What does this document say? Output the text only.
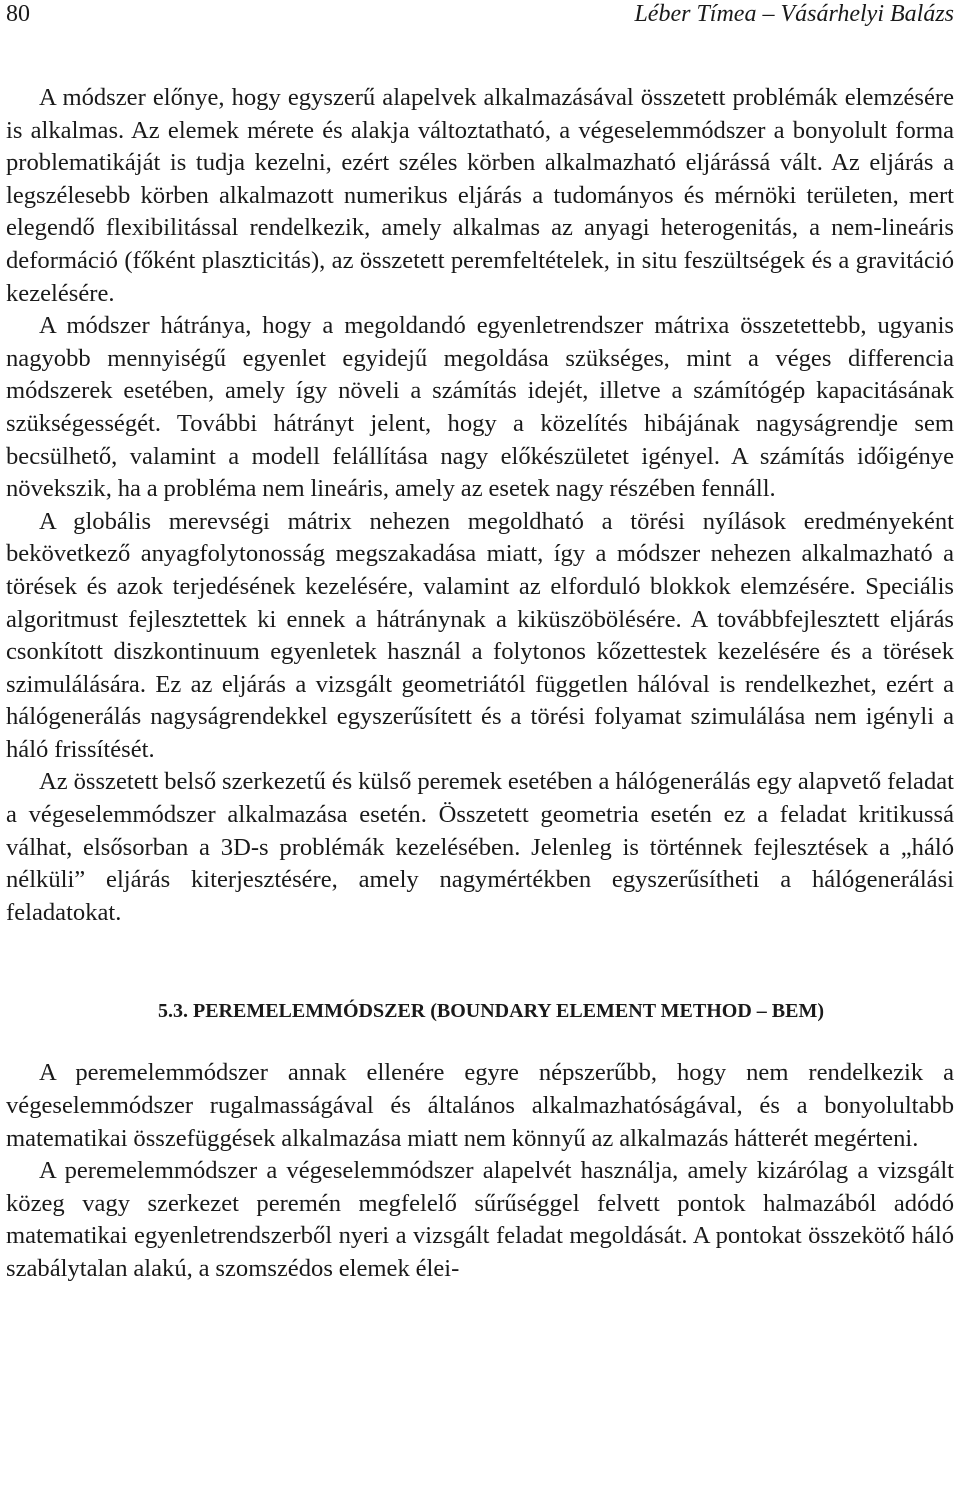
80	Léber Tímea – Vásárhelyi Balázs

A módszer előnye, hogy egyszerű alapelvek alkalmazásával összetett problémák elemzésére is alkalmas. Az elemek mérete és alakja változtatható, a végeselemmódszer a bonyolult forma problematikáját is tudja kezelni, ezért széles körben alkalmazható eljárássá vált. Az eljárás a legszélesebb körben alkalmazott numerikus eljárás a tudományos és mérnöki területen, mert elegendő flexibilitással rendelkezik, amely alkalmas az anyagi heterogenitás, a nem-lineáris deformáció (főként plaszticitás), az összetett peremfeltételek, in situ feszültségek és a gravitáció kezelésére.

A módszer hátránya, hogy a megoldandó egyenletrendszer mátrixa összetettebb, ugyanis nagyobb mennyiségű egyenlet egyidejű megoldása szükséges, mint a véges differencia módszerek esetében, amely így növeli a számítás idejét, illetve a számítógép kapacitásának szükségességét. További hátrányt jelent, hogy a közelítés hibájának nagyságrendje sem becsülhető, valamint a modell felállítása nagy előkészületet igényel. A számítás időigénye növekszik, ha a probléma nem lineáris, amely az esetek nagy részében fennáll.

A globális merevségi mátrix nehezen megoldható a törési nyílások eredményeként bekövetkező anyagfolytonosság megszakadása miatt, így a módszer nehezen alkalmazható a törések és azok terjedésének kezelésére, valamint az elforduló blokkok elemzésére. Speciális algoritmust fejlesztettek ki ennek a hátránynak a kiküszöbölésére. A továbbfejlesztett eljárás csonkított diszkontinuum egyenletek használ a folytonos kőzettestek kezelésére és a törések szimulálására. Ez az eljárás a vizsgált geometriától független hálóval is rendelkezhet, ezért a hálógenerálás nagyságrendekkel egyszerűsített és a törési folyamat szimulálása nem igényli a háló frissítését.

Az összetett belső szerkezetű és külső peremek esetében a hálógenerálás egy alapvető feladat a végeselemmódszer alkalmazása esetén. Összetett geometria esetén ez a feladat kritikussá válhat, elsősorban a 3D-s problémák kezelésében. Jelenleg is történnek fejlesztések a „háló nélküli” eljárás kiterjesztésére, amely nagymértékben egyszerűsítheti a hálógenerálási feladatokat.

5.3. PEREMELEMMÓDSZER (BOUNDARY ELEMENT METHOD – BEM)

A peremelemmódszer annak ellenére egyre népszerűbb, hogy nem rendelkezik a végeselemmódszer rugalmasságával és általános alkalmazhatóságával, és a bonyolultabb matematikai összefüggések alkalmazása miatt nem könnyű az alkalmazás hátterét megérteni.

A peremelemmódszer a végeselemmódszer alapelvét használja, amely kizárólag a vizsgált közeg vagy szerkezet peremén megfelelő sűrűséggel felvett pontok halmazából adódó matematikai egyenletrendszerből nyeri a vizsgált feladat megoldását. A pontokat összekötő háló szabálytalan alakú, a szomszédos elemek élei-
